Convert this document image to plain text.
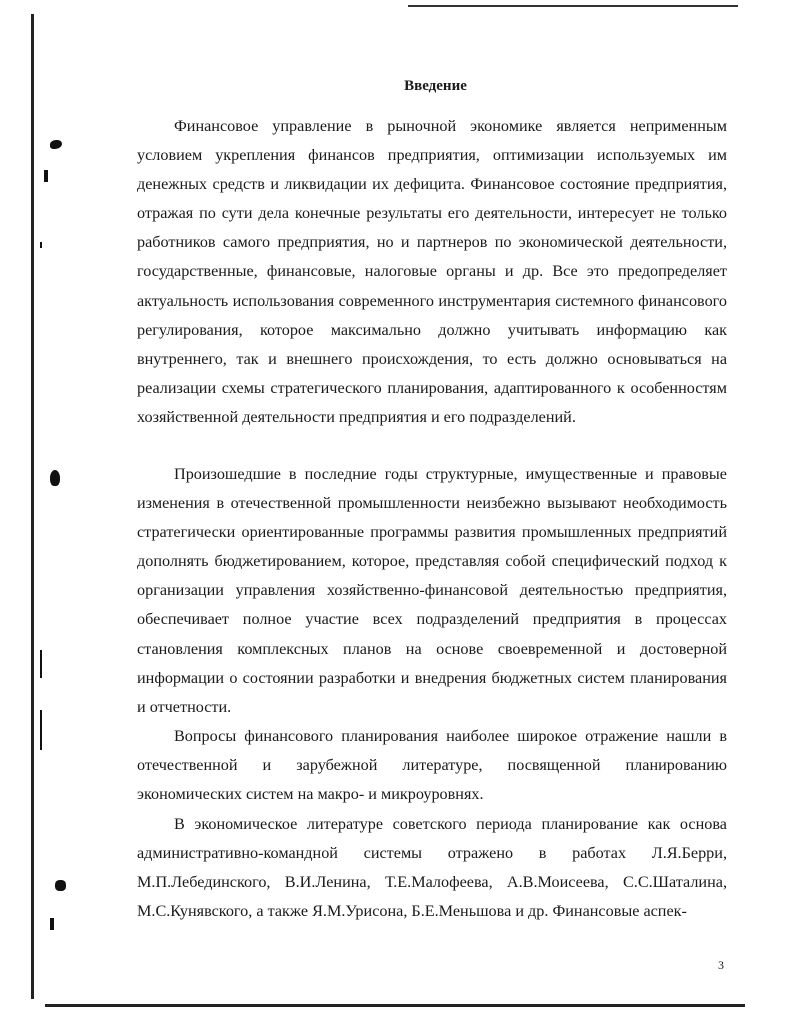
Введение

Финансовое управление в рыночной экономике является неприменным условием укрепления финансов предприятия, оптимизации используемых им денежных средств и ликвидации их дефицита. Финансовое состояние предприятия, отражая по сути дела конечные результаты его деятельности, интересует не только работников самого предприятия, но и партнеров по экономической деятельности, государственные, финансовые, налоговые органы и др. Все это предопределяет актуальность использования современного инструментария системного финансового регулирования, которое максимально должно учитывать информацию как внутреннего, так и внешнего происхождения, то есть должно основываться на реализации схемы стратегического планирования, адаптированного к особенностям хозяйственной деятельности предприятия и его подразделений.

Произошедшие в последние годы структурные, имущественные и правовые изменения в отечественной промышленности неизбежно вызывают необходимость стратегически ориентированные программы развития промышленных предприятий дополнять бюджетированием, которое, представляя собой специфический подход к организации управления хозяйственно-финансовой деятельностью предприятия, обеспечивает полное участие всех подразделений предприятия в процессах становления комплексных планов на основе своевременной и достоверной информации о состоянии разработки и внедрения бюджетных систем планирования и отчетности.

Вопросы финансового планирования наиболее широкое отражение нашли в отечественной и зарубежной литературе, посвященной планированию экономических систем на макро- и микроуровнях.

В экономическое литературе советского периода планирование как основа административно-командной системы отражено в работах Л.Я.Берри, М.П.Лебединского, В.И.Ленина, Т.Е.Малофеева, А.В.Моисеева, С.С.Шаталина, М.С.Кунявского, а также Я.М.Урисона, Б.Е.Меньшова и др. Финансовые аспек-

3
